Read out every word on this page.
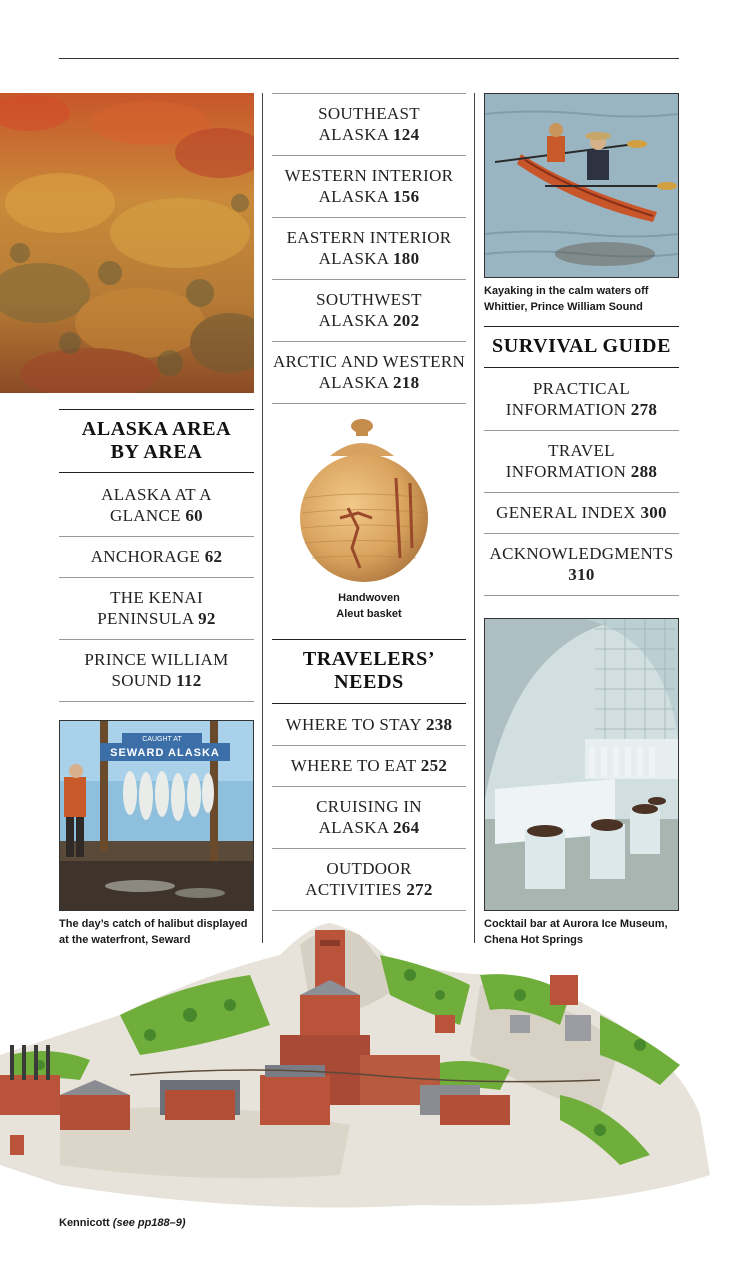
ALASKA AREA
BY AREA
ALASKA AT A
GLANCE 60
ANCHORAGE 62
THE KENAI
PENINSULA 92
PRINCE WILLIAM
SOUND 112
CAUGHT AT
SEWARD ALASKA
The day’s catch of halibut displayed
at the waterfront, Seward
SOUTHEAST
ALASKA 124
WESTERN INTERIOR
ALASKA 156
EASTERN INTERIOR
ALASKA 180
SOUTHWEST
ALASKA 202
ARCTIC AND WESTERN
ALASKA 218
Handwoven
Aleut basket
TRAVELERS’
NEEDS
WHERE TO STAY 238
WHERE TO EAT 252
CRUISING IN
ALASKA 264
OUTDOOR
ACTIVITIES 272
Kayaking in the calm waters off
Whittier, Prince William Sound
SURVIVAL GUIDE
PRACTICAL
INFORMATION 278
TRAVEL
INFORMATION 288
GENERAL INDEX 300
ACKNOWLEDGMENTS
310
Cocktail bar at Aurora Ice Museum,
Chena Hot Springs
Kennicott (see pp188–9)
